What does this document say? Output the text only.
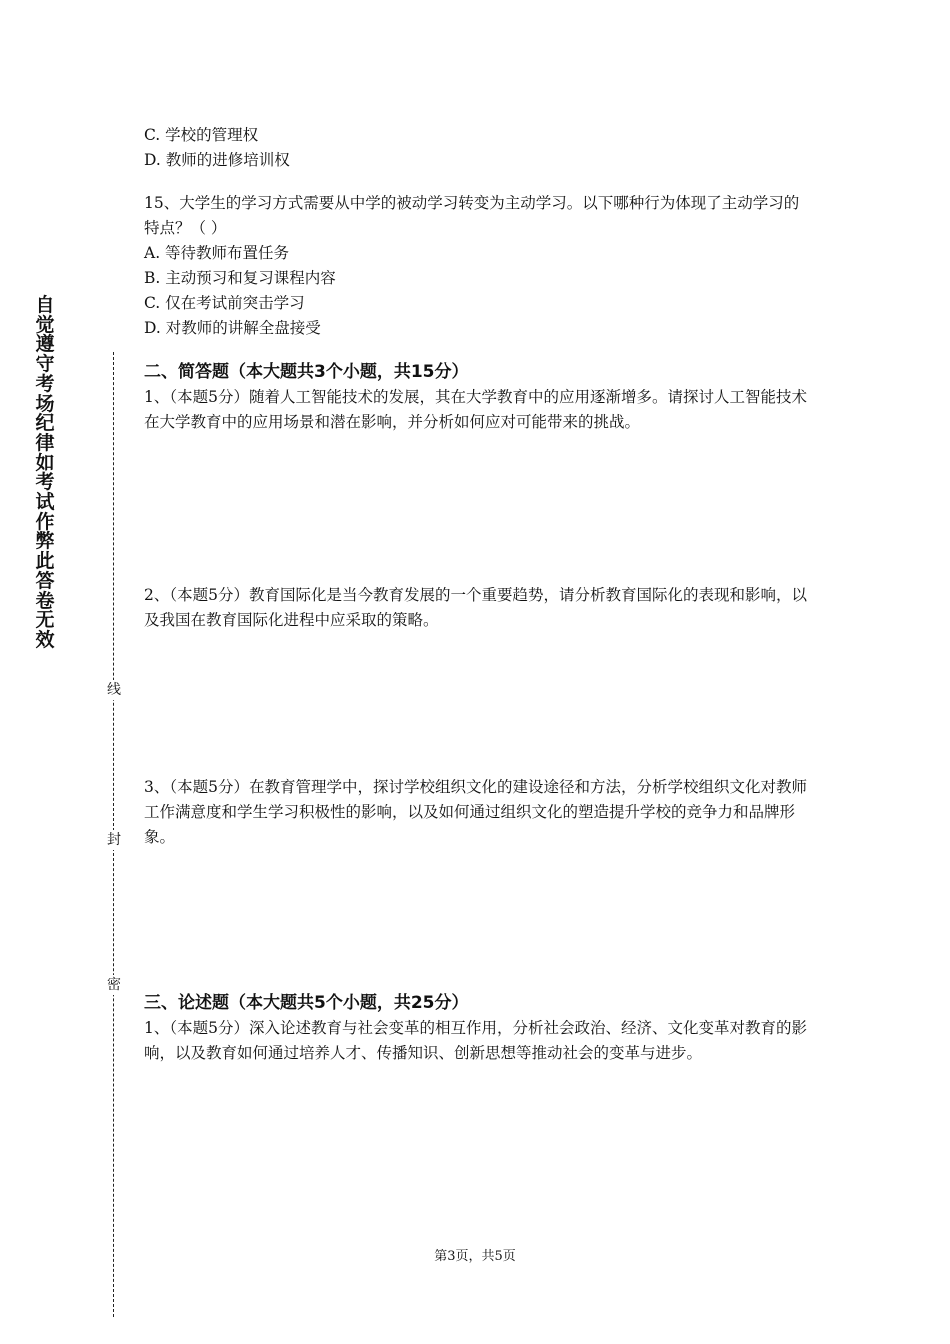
自觉遵守考场纪律如考试作弊此答卷无效
线
封
密

C. 学校的管理权

D. 教师的进修培训权

15、大学生的学习方式需要从中学的被动学习转变为主动学习。以下哪种行为体现了主动学习的特点？（ ）

A. 等待教师布置任务

B. 主动预习和复习课程内容

C. 仅在考试前突击学习

D. 对教师的讲解全盘接受

二、简答题（本大题共3个小题，共15分）

1、（本题5分）随着人工智能技术的发展，其在大学教育中的应用逐渐增多。请探讨人工智能技术在大学教育中的应用场景和潜在影响，并分析如何应对可能带来的挑战。

2、（本题5分）教育国际化是当今教育发展的一个重要趋势，请分析教育国际化的表现和影响，以及我国在教育国际化进程中应采取的策略。

3、（本题5分）在教育管理学中，探讨学校组织文化的建设途径和方法，分析学校组织文化对教师工作满意度和学生学习积极性的影响，以及如何通过组织文化的塑造提升学校的竞争力和品牌形象。

三、论述题（本大题共5个小题，共25分）

1、（本题5分）深入论述教育与社会变革的相互作用，分析社会政治、经济、文化变革对教育的影响，以及教育如何通过培养人才、传播知识、创新思想等推动社会的变革与进步。

第3页，共5页
